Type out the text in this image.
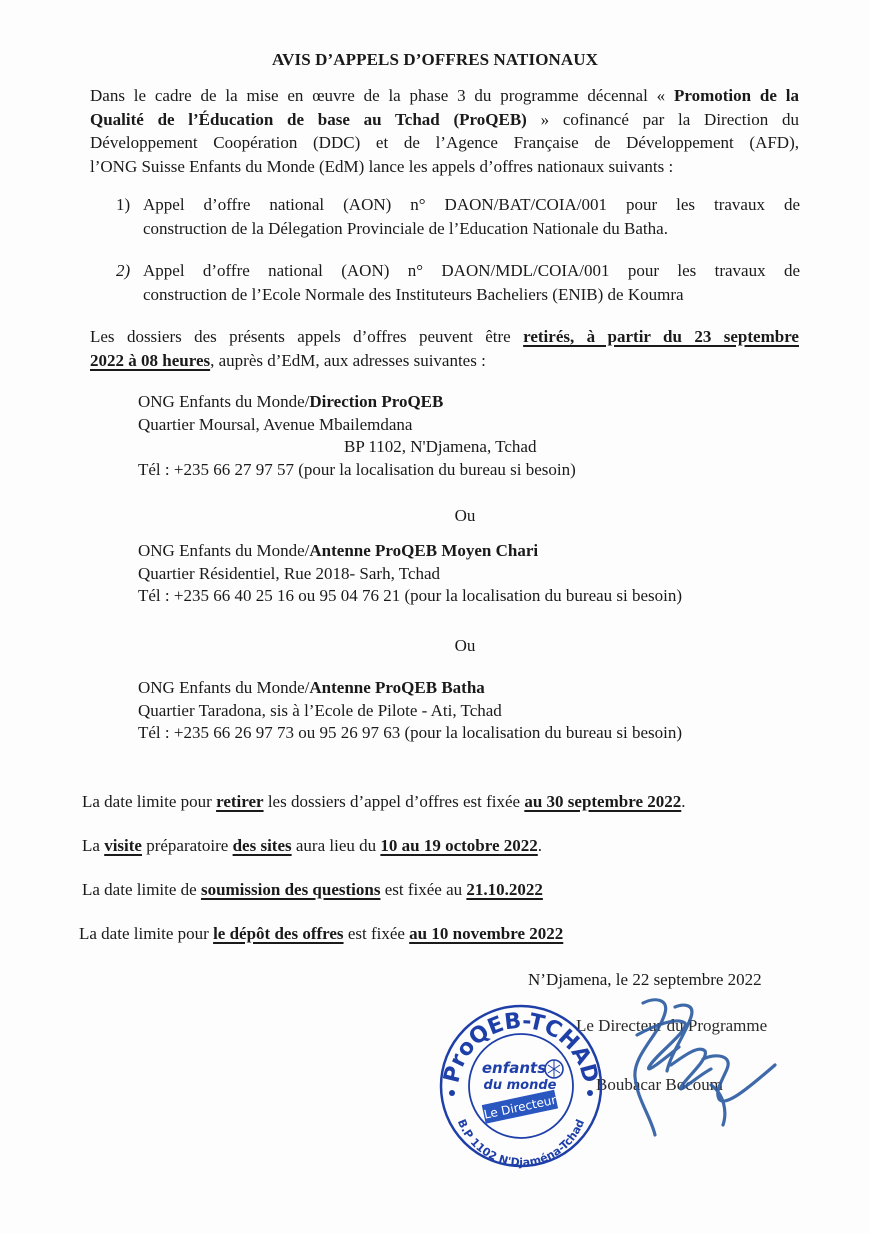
AVIS D’APPELS D’OFFRES NATIONAUX
Dans le cadre de la mise en œuvre de la phase 3 du programme décennal « Promotion de la
Qualité de l’Éducation de base au Tchad (ProQEB) » cofinancé par la Direction du
Développement Coopération (DDC) et de l’Agence Française de Développement (AFD),
l’ONG Suisse Enfants du Monde (EdM) lance les appels d’offres nationaux suivants :
1) Appel d’offre national (AON) n° DAON/BAT/COIA/001 pour les travaux de
construction de la Délegation Provinciale de l’Education Nationale du Batha.
2) Appel d’offre national (AON) n° DAON/MDL/COIA/001 pour les travaux de
construction de l’Ecole Normale des Instituteurs Bacheliers (ENIB) de Koumra
Les dossiers des présents appels d’offres peuvent être retirés, à partir du 23 septembre
2022 à 08 heures, auprès d’EdM, aux adresses suivantes :
ONG Enfants du Monde/Direction ProQEB
Quartier Moursal, Avenue Mbailemdana
BP 1102, N'Djamena, Tchad
Tél : +235 66 27 97 57 (pour la localisation du bureau si besoin)
Ou
ONG Enfants du Monde/Antenne ProQEB Moyen Chari
Quartier Résidentiel, Rue 2018- Sarh, Tchad
Tél : +235 66 40 25 16 ou 95 04 76 21 (pour la localisation du bureau si besoin)
Ou
ONG Enfants du Monde/Antenne ProQEB Batha
Quartier Taradona, sis à l’Ecole de Pilote - Ati, Tchad
Tél : +235 66 26 97 73 ou 95 26 97 63 (pour la localisation du bureau si besoin)
La date limite pour retirer les dossiers d’appel d’offres est fixée au 30 septembre 2022.
La visite préparatoire des sites aura lieu du 10 au 19 octobre 2022.
La date limite de soumission des questions est fixée au 21.10.2022
La date limite pour le dépôt des offres est fixée au 10 novembre 2022
N’Djamena, le 22 septembre 2022
Le Directeur du Programme
Boubacar Bocoum
ProQEB-TCHAD
B.P 1102 N'Djaména-Tchad
enfants
du monde
Le Directeur
